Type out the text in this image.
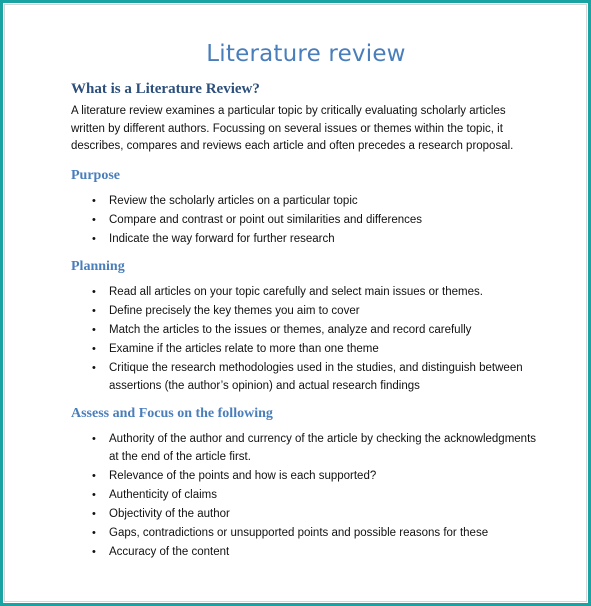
Literature review
What is a Literature Review?
A literature review examines a particular topic by critically evaluating scholarly articles written by different authors. Focussing on several issues or themes within the topic, it describes, compares and reviews each article and often precedes a research proposal.
Purpose
• Review the scholarly articles on a particular topic
• Compare and contrast or point out similarities and differences
• Indicate the way forward for further research
Planning
• Read all articles on your topic carefully and select main issues or themes.
• Define precisely the key themes you aim to cover
• Match the articles to the issues or themes, analyze and record carefully
• Examine if the articles relate to more than one theme
• Critique the research methodologies used in the studies, and distinguish between assertions (the author’s opinion) and actual research findings
Assess and Focus on the following
• Authority of the author and currency of the article by checking the acknowledgments at the end of the article first.
• Relevance of the points and how is each supported?
• Authenticity of claims
• Objectivity of the author
• Gaps, contradictions or unsupported points and possible reasons for these
• Accuracy of the content
